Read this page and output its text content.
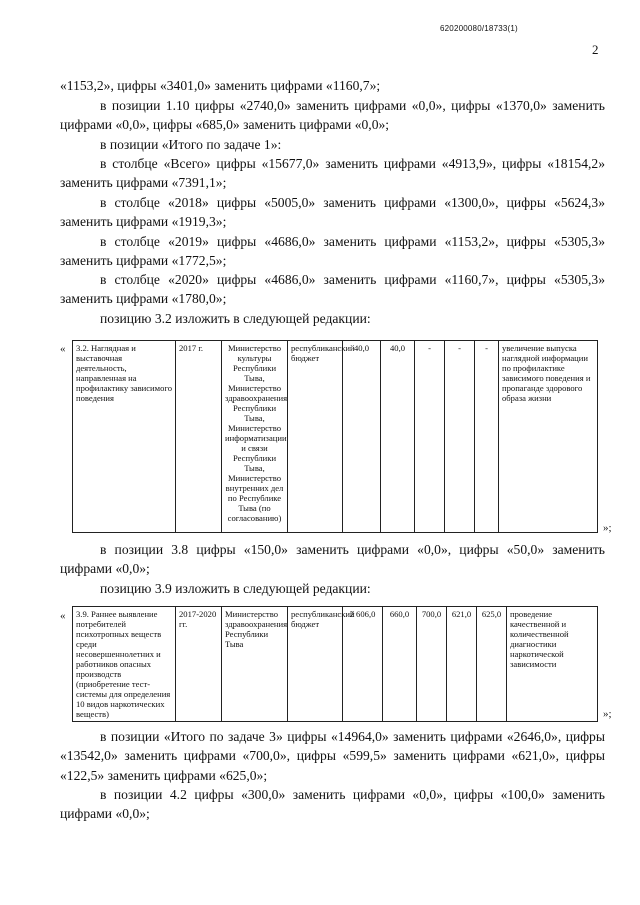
620200080/18733(1)
2

«1153,2», цифры «3401,0» заменить цифрами «1160,7»;

в позиции 1.10 цифры «2740,0» заменить цифрами «0,0», цифры «1370,0» заменить цифрами «0,0», цифры «685,0» заменить цифрами «0,0»;

в позиции «Итого по задаче 1»:

в столбце «Всего» цифры «15677,0» заменить цифрами «4913,9», цифры «18154,2» заменить цифрами «7391,1»;

в столбце «2018» цифры «5005,0» заменить цифрами «1300,0», цифры «5624,3» заменить цифрами «1919,3»;

в столбце «2019» цифры «4686,0» заменить цифрами «1153,2», цифры «5305,3» заменить цифрами «1772,5»;

в столбце «2020» цифры «4686,0» заменить цифрами «1160,7», цифры «5305,3» заменить цифрами «1780,0»;

позицию 3.2 изложить в следующей редакции:

« 3.2. Наглядная и выставочная деятельность, направленная на профилактику зависимого поведения	2017 г.	Министерство культуры Республики Тыва, Министерство здравоохранения Республики Тыва, Министерство информатизации и связи Республики Тыва, Министерство внутренних дел по Республике Тыва (по согласованию)	республиканский бюджет	40,0	40,0	-	-	-	увеличение выпуска наглядной информации по профилактике зависимого поведения и пропаганде здорового образа жизни
»;

в позиции 3.8 цифры «150,0» заменить цифрами «0,0», цифры «50,0» заменить цифрами «0,0»;

позицию 3.9 изложить в следующей редакции:

« 3.9. Раннее выявление потребителей психотропных веществ среди несовершеннолетних и работников опасных производств (приобретение тест-системы для определения 10 видов наркотических веществ)	2017-2020 гг.	Министерство здравоохранения Республики Тыва	республиканский бюджет	2 606,0	660,0	700,0	621,0	625,0	проведение качественной и количественной диагностики наркотической зависимости
»;

в позиции «Итого по задаче 3» цифры «14964,0» заменить цифрами «2646,0», цифры «13542,0» заменить цифрами «700,0», цифры «599,5» заменить цифрами «621,0», цифры «122,5» заменить цифрами «625,0»;

в позиции 4.2 цифры «300,0» заменить цифрами «0,0», цифры «100,0» заменить цифрами «0,0»;
